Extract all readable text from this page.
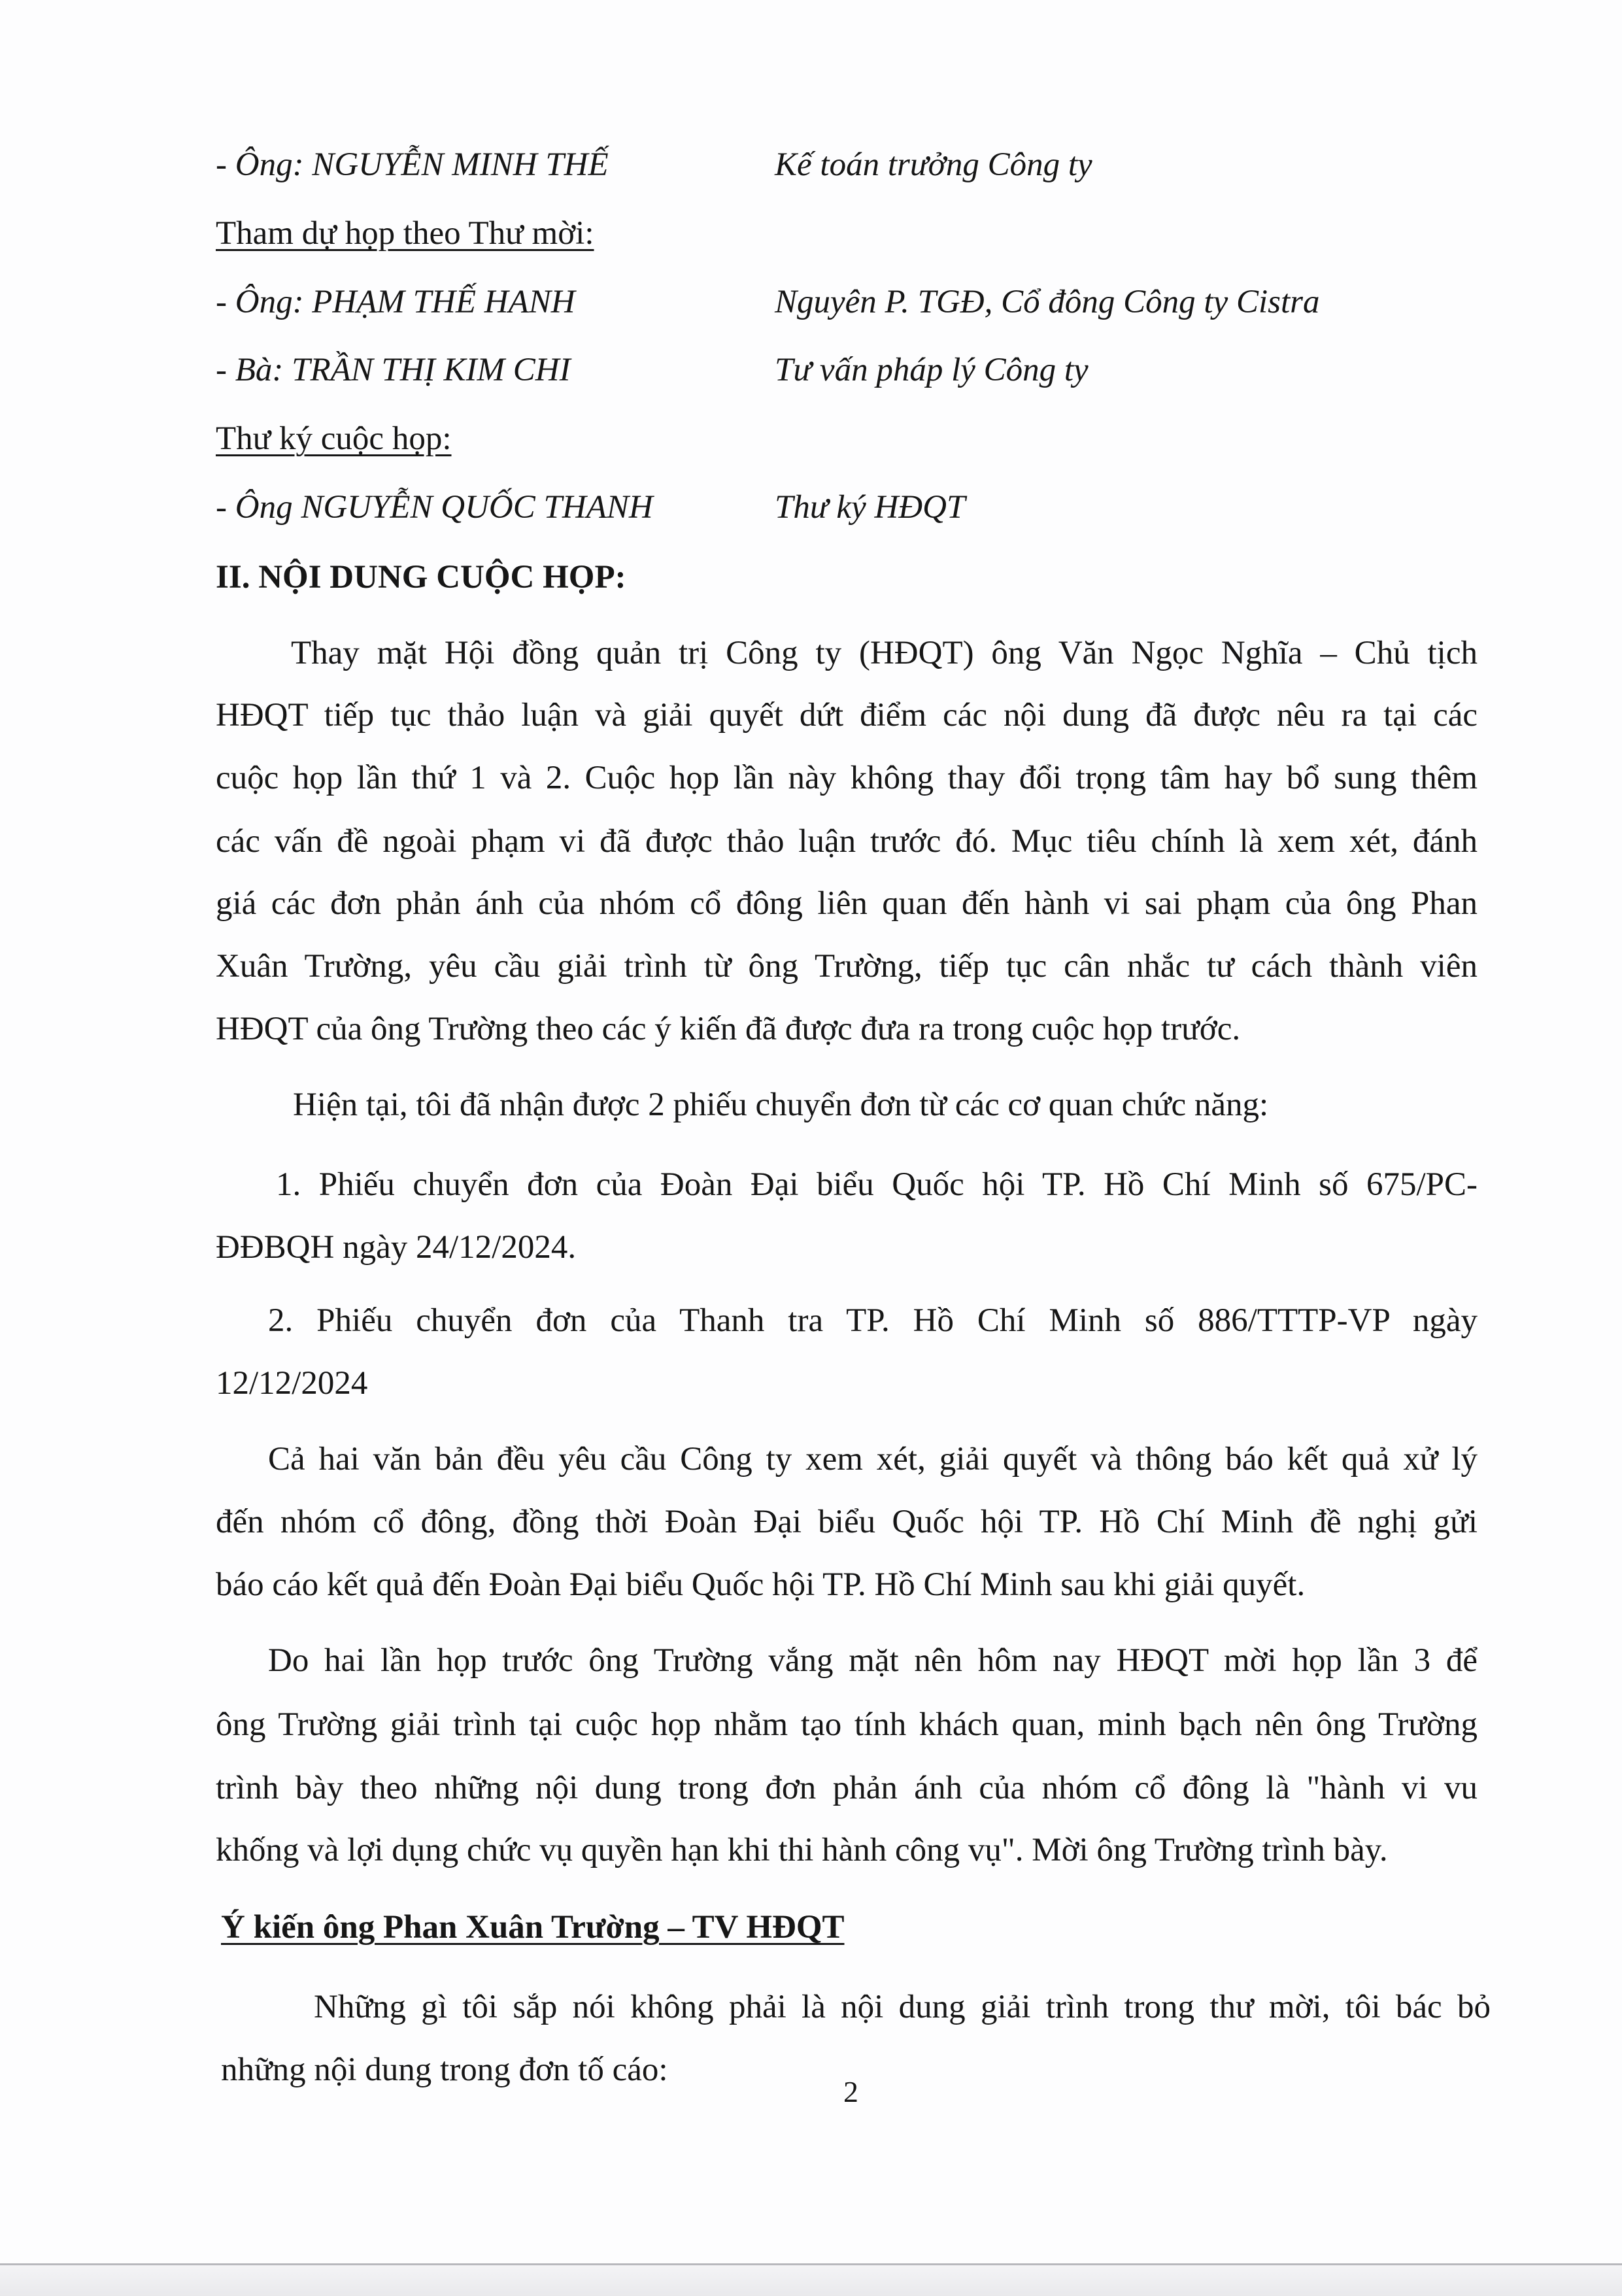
- Ông: NGUYỄN MINH THẾ	Kế toán trưởng Công ty
Tham dự họp theo Thư mời:
- Ông: PHẠM THẾ HANH	Nguyên P. TGĐ, Cổ đông Công ty Cistra
- Bà: TRẦN THỊ KIM CHI	Tư vấn pháp lý Công ty
Thư ký cuộc họp:
- Ông NGUYỄN QUỐC THANH	Thư ký HĐQT
II. NỘI DUNG CUỘC HỌP:
Thay mặt Hội đồng quản trị Công ty (HĐQT) ông Văn Ngọc Nghĩa – Chủ tịch
HĐQT tiếp tục thảo luận và giải quyết dứt điểm các nội dung đã được nêu ra tại các
cuộc họp lần thứ 1 và 2. Cuộc họp lần này không thay đổi trọng tâm hay bổ sung thêm
các vấn đề ngoài phạm vi đã được thảo luận trước đó. Mục tiêu chính là xem xét, đánh
giá các đơn phản ánh của nhóm cổ đông liên quan đến hành vi sai phạm của ông Phan
Xuân Trường, yêu cầu giải trình từ ông Trường, tiếp tục cân nhắc tư cách thành viên
HĐQT của ông Trường theo các ý kiến đã được đưa ra trong cuộc họp trước.
Hiện tại, tôi đã nhận được 2 phiếu chuyển đơn từ các cơ quan chức năng:
1. Phiếu chuyển đơn của Đoàn Đại biểu Quốc hội TP. Hồ Chí Minh số 675/PC-
ĐĐBQH ngày 24/12/2024.
2. Phiếu chuyển đơn của Thanh tra TP. Hồ Chí Minh số 886/TTTP-VP ngày
12/12/2024
Cả hai văn bản đều yêu cầu Công ty xem xét, giải quyết và thông báo kết quả xử lý
đến nhóm cổ đông, đồng thời Đoàn Đại biểu Quốc hội TP. Hồ Chí Minh đề nghị gửi
báo cáo kết quả đến Đoàn Đại biểu Quốc hội TP. Hồ Chí Minh sau khi giải quyết.
Do hai lần họp trước ông Trường vắng mặt nên hôm nay HĐQT mời họp lần 3 để
ông Trường giải trình tại cuộc họp nhằm tạo tính khách quan, minh bạch nên ông Trường
trình bày theo những nội dung trong đơn phản ánh của nhóm cổ đông là "hành vi vu
khống và lợi dụng chức vụ quyền hạn khi thi hành công vụ". Mời ông Trường trình bày.
Ý kiến ông Phan Xuân Trường – TV HĐQT
Những gì tôi sắp nói không phải là nội dung giải trình trong thư mời, tôi bác bỏ
những nội dung trong đơn tố cáo:
2
